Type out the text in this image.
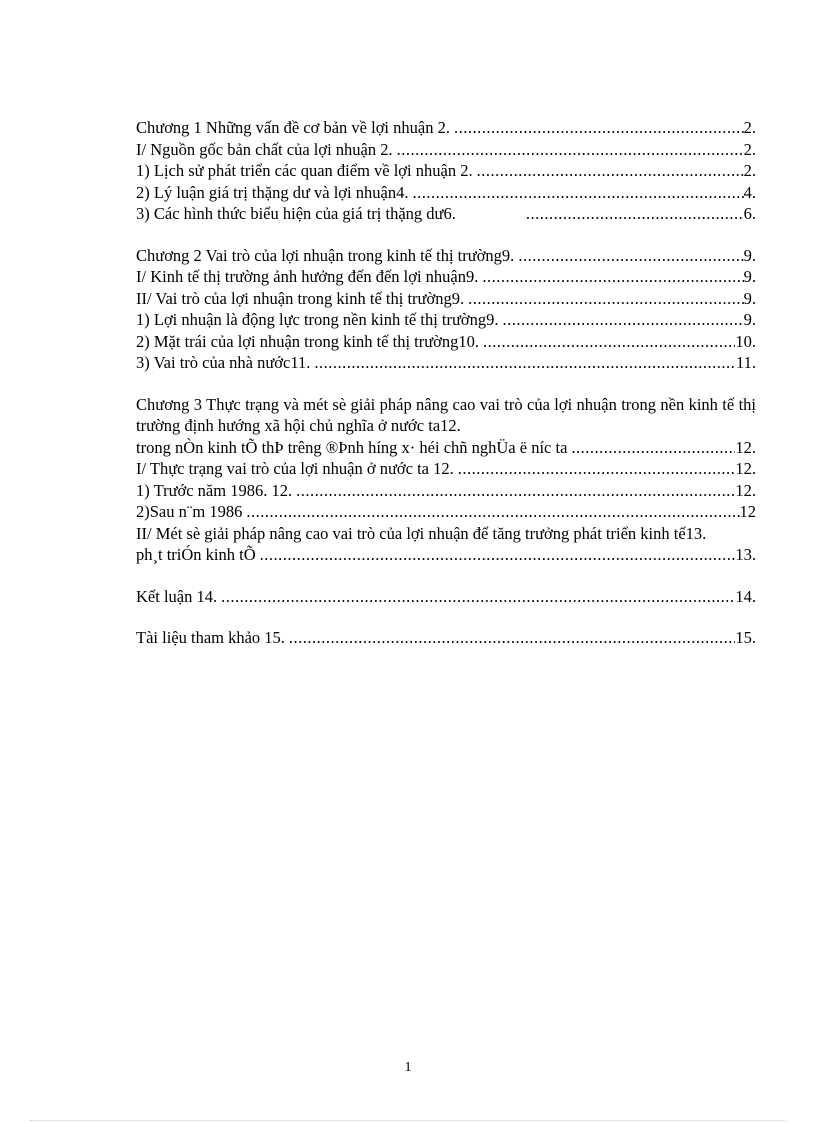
Chương 1 Những vấn đề cơ bản về lợi nhuận 2. .....	2.
I/ Nguồn gốc bản chất của lợi nhuận 2. .....	2.
1) Lịch sử phát triển các quan điểm về lợi nhuận 2. .....	2.
2) Lý luận giá trị thặng dư và lợi nhuận4. .....	4.
3) Các hình thức biểu hiện của giá trị thặng dư6. .....	6.
Chương 2 Vai trò của lợi nhuận trong kinh tế thị trường9. .....	9.
I/ Kinh tế thị trường ảnh hưởng đến đến lợi nhuận9. .....	9.
II/ Vai trò của lợi nhuận trong kinh tế thị trường9. .....	9.
1) Lợi nhuận là động lực trong nền kinh tế thị trường9. .....	9.
2) Mặt trái của lợi nhuận trong kinh tế thị trường10. .....	10.
3) Vai trò của nhà nước11. .....	11.
Chương 3 Thực trạng và mét sè giải pháp nâng cao vai trò của lợi nhuận trong nền kinh tế thị trường định hướng xã hội chủ nghĩa ở nước ta12.
trong nÒn kinh tÕ thÞ trêng ®Þnh híng x· héi chñ nghÜa ë níc ta .....	12.
I/ Thực trạng vai trò của lợi nhuận ở nước ta 12. .....	12.
1) Trước năm 1986. 12. .....	12.
2)Sau n¨m 1986 .....	12
II/ Mét sè giải pháp nâng cao vai trò của lợi nhuận để tăng trưởng phát triển kinh tế13.
ph¸t triÓn kinh tÕ .....	13.
Kết luận 14. .....	14.
Tài liệu tham khảo 15. .....	15.
1
